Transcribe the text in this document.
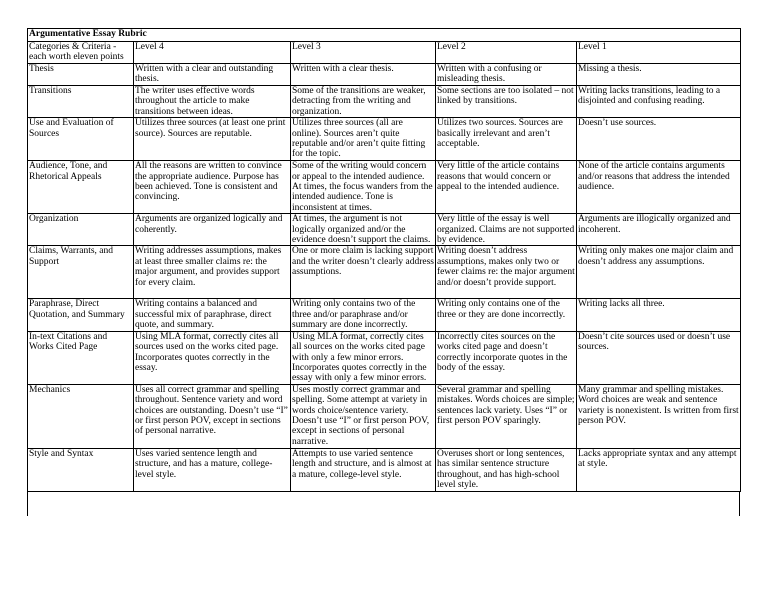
Argumentative Essay Rubric				
Categories & Criteria - each worth eleven points	Level 4	Level 3	Level 2	Level 1
Thesis	Written with a clear and outstanding thesis.	Written with a clear thesis.	Written with a confusing or misleading thesis.	Missing a thesis.
Transitions	The writer uses effective words throughout the article to make transitions between ideas.	Some of the transitions are weaker, detracting from the writing and organization.	Some sections are too isolated – not linked by transitions.	Writing lacks transitions, leading to a disjointed and confusing reading.
Use and Evaluation of Sources	Utilizes three sources (at least one print source). Sources are reputable.	Utilizes three sources (all are online). Sources aren’t quite reputable and/or aren’t quite fitting for the topic.	Utilizes two sources. Sources are basically irrelevant and aren’t acceptable.	Doesn’t use sources.
Audience, Tone, and Rhetorical Appeals	All the reasons are written to convince the appropriate audience. Purpose has been achieved. Tone is consistent and convincing.	Some of the writing would concern or appeal to the intended audience. At times, the focus wanders from the intended audience. Tone is inconsistent at times.	Very little of the article contains reasons that would concern or appeal to the intended audience.	None of the article contains arguments and/or reasons that address the intended audience.
Organization	Arguments are organized logically and coherently.	At times, the argument is not logically organized and/or the evidence doesn’t support the claims.	Very little of the essay is well organized. Claims are not supported by evidence.	Arguments are illogically organized and incoherent.
Claims, Warrants, and Support	Writing addresses assumptions, makes at least three smaller claims re: the major argument, and provides support for every claim.	One or more claim is lacking support and the writer doesn’t clearly address assumptions.	Writing doesn’t address assumptions, makes only two or fewer claims re: the major argument and/or doesn’t provide support.	Writing only makes one major claim and doesn’t address any assumptions.
Paraphrase, Direct Quotation, and Summary	Writing contains a balanced and successful mix of paraphrase, direct quote, and summary.	Writing only contains two of the three and/or paraphrase and/or summary are done incorrectly.	Writing only contains one of the three or they are done incorrectly.	Writing lacks all three.
In-text Citations and Works Cited Page	Using MLA format, correctly cites all sources used on the works cited page. Incorporates quotes correctly in the essay.	Using MLA format, correctly cites all sources on the works cited page with only a few minor errors. Incorporates quotes correctly in the essay with only a few minor errors.	Incorrectly cites sources on the works cited page and doesn’t correctly incorporate quotes in the body of the essay.	Doesn’t cite sources used or doesn’t use sources.
Mechanics	Uses all correct grammar and spelling throughout. Sentence variety and word choices are outstanding. Doesn’t use “I” or first person POV, except in sections of personal narrative.	Uses mostly correct grammar and spelling. Some attempt at variety in words choice/sentence variety. Doesn’t use “I” or first person POV, except in sections of personal narrative.	Several grammar and spelling mistakes. Words choices are simple; sentences lack variety. Uses “I” or first person POV sparingly.	Many grammar and spelling mistakes. Word choices are weak and sentence variety is nonexistent. Is written from first person POV.
Style and Syntax	Uses varied sentence length and structure, and has a mature, college-level style.	Attempts to use varied sentence length and structure, and is almost at a mature, college-level style.	Overuses short or long sentences, has similar sentence structure throughout, and has high-school level style.	Lacks appropriate syntax and any attempt at style.
